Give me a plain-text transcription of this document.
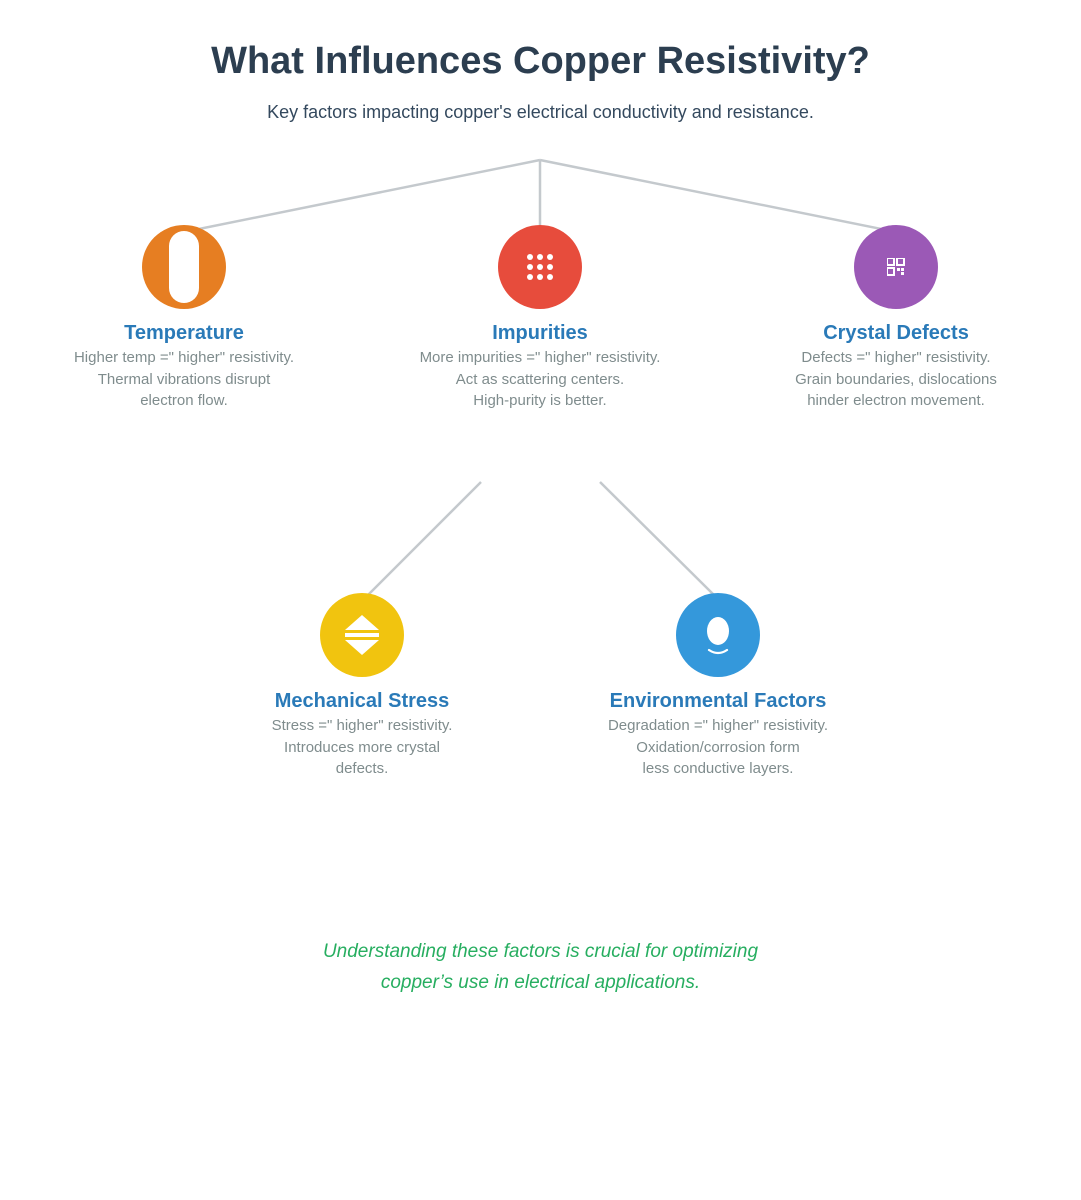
What Influences Copper Resistivity?

Key factors impacting copper's electrical conductivity and resistance.

Temperature
Higher temp =" higher" resistivity.
Thermal vibrations disrupt
electron flow.
Impurities
More impurities =" higher" resistivity.
Act as scattering centers.
High-purity is better.
Crystal Defects
Defects =" higher" resistivity.
Grain boundaries, dislocations
hinder electron movement.
Mechanical Stress
Stress =" higher" resistivity.
Introduces more crystal
defects.
Environmental Factors
Degradation =" higher" resistivity.
Oxidation/corrosion form
less conductive layers.
Understanding these factors is crucial for optimizing
copper’s use in electrical applications.
